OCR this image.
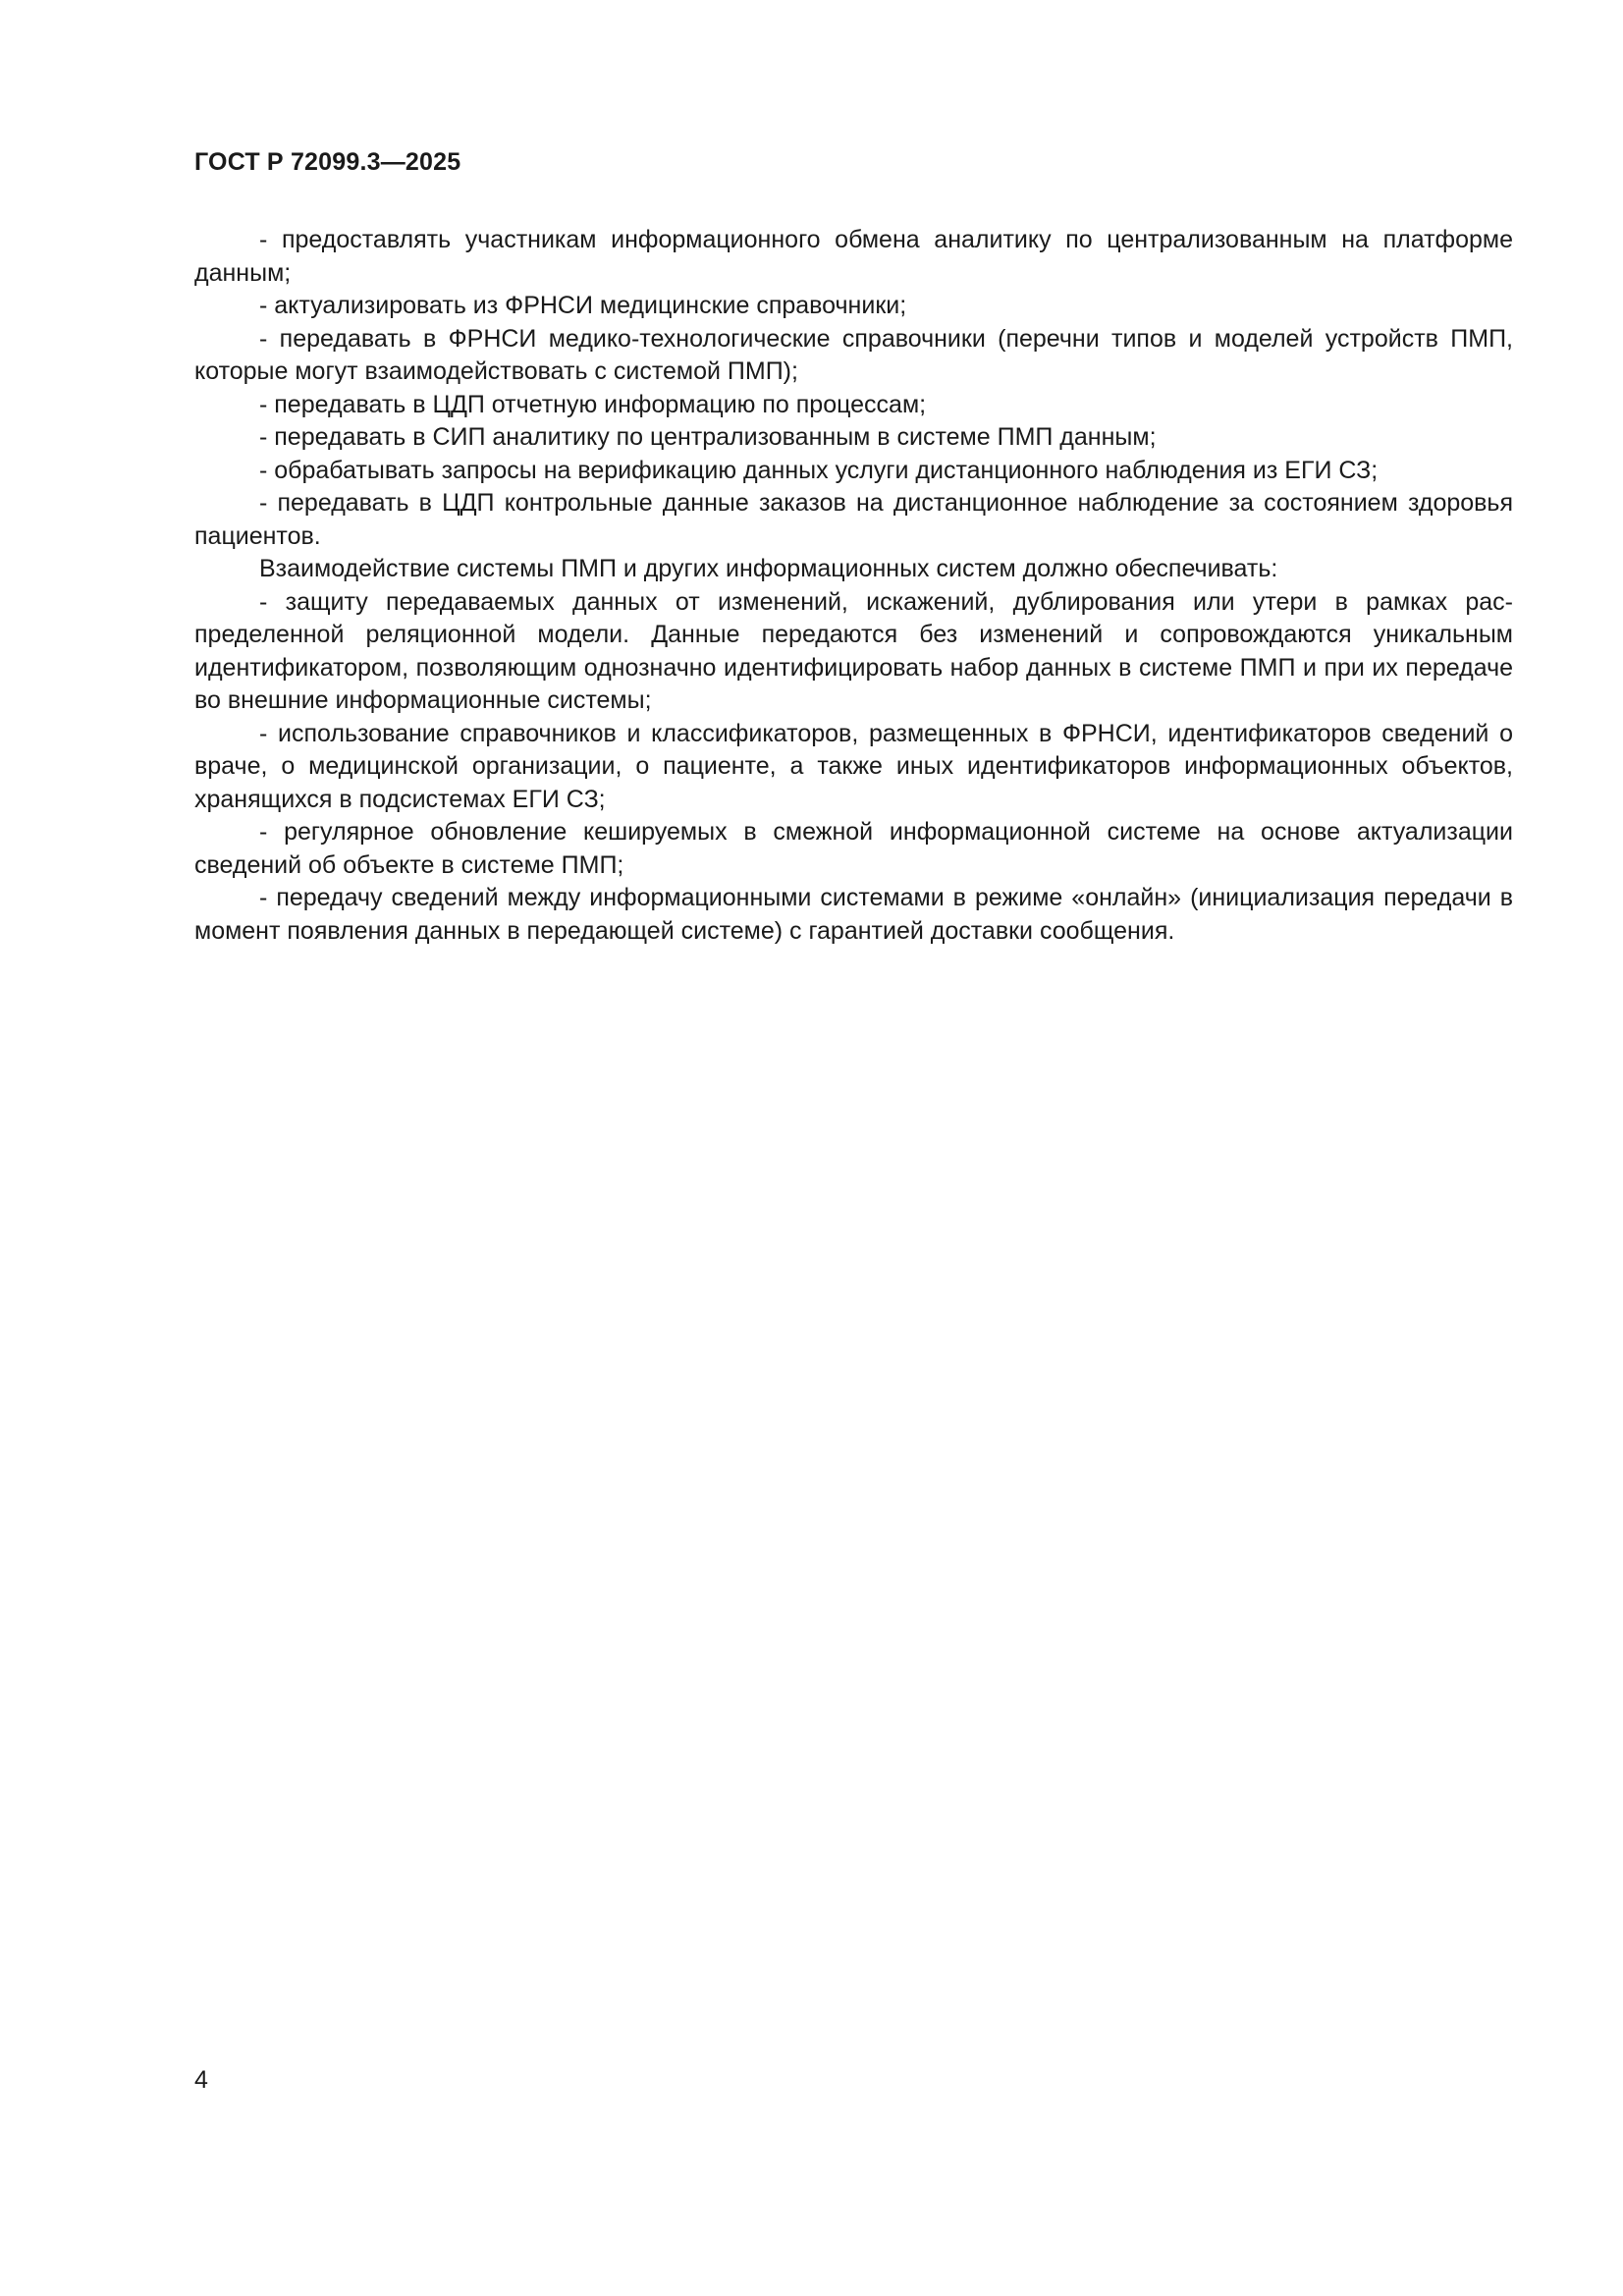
ГОСТ Р 72099.3—2025

- предоставлять участникам информационного обмена аналитику по централизованным на платформе данным;

- актуализировать из ФРНСИ медицинские справочники;

- передавать в ФРНСИ медико-технологические справочники (перечни типов и моделей устройств ПМП, которые могут взаимодействовать с системой ПМП);

- передавать в ЦДП отчетную информацию по процессам;

- передавать в СИП аналитику по централизованным в системе ПМП данным;

- обрабатывать запросы на верификацию данных услуги дистанционного наблюдения из ЕГИ СЗ;

- передавать в ЦДП контрольные данные заказов на дистанционное наблюдение за состоянием здоровья пациентов.

Взаимодействие системы ПМП и других информационных систем должно обеспечивать:

- защиту передаваемых данных от изменений, искажений, дублирования или утери в рамках распределенной реляционной модели. Данные передаются без изменений и сопровождаются уникальным идентификатором, позволяющим однозначно идентифицировать набор данных в системе ПМП и при их передаче во внешние информационные системы;

- использование справочников и классификаторов, размещенных в ФРНСИ, идентификаторов сведений о враче, о медицинской организации, о пациенте, а также иных идентификаторов информационных объектов, хранящихся в подсистемах ЕГИ СЗ;

- регулярное обновление кешируемых в смежной информационной системе на основе актуализации сведений об объекте в системе ПМП;

- передачу сведений между информационными системами в режиме «онлайн» (инициализация передачи в момент появления данных в передающей системе) с гарантией доставки сообщения.

4
